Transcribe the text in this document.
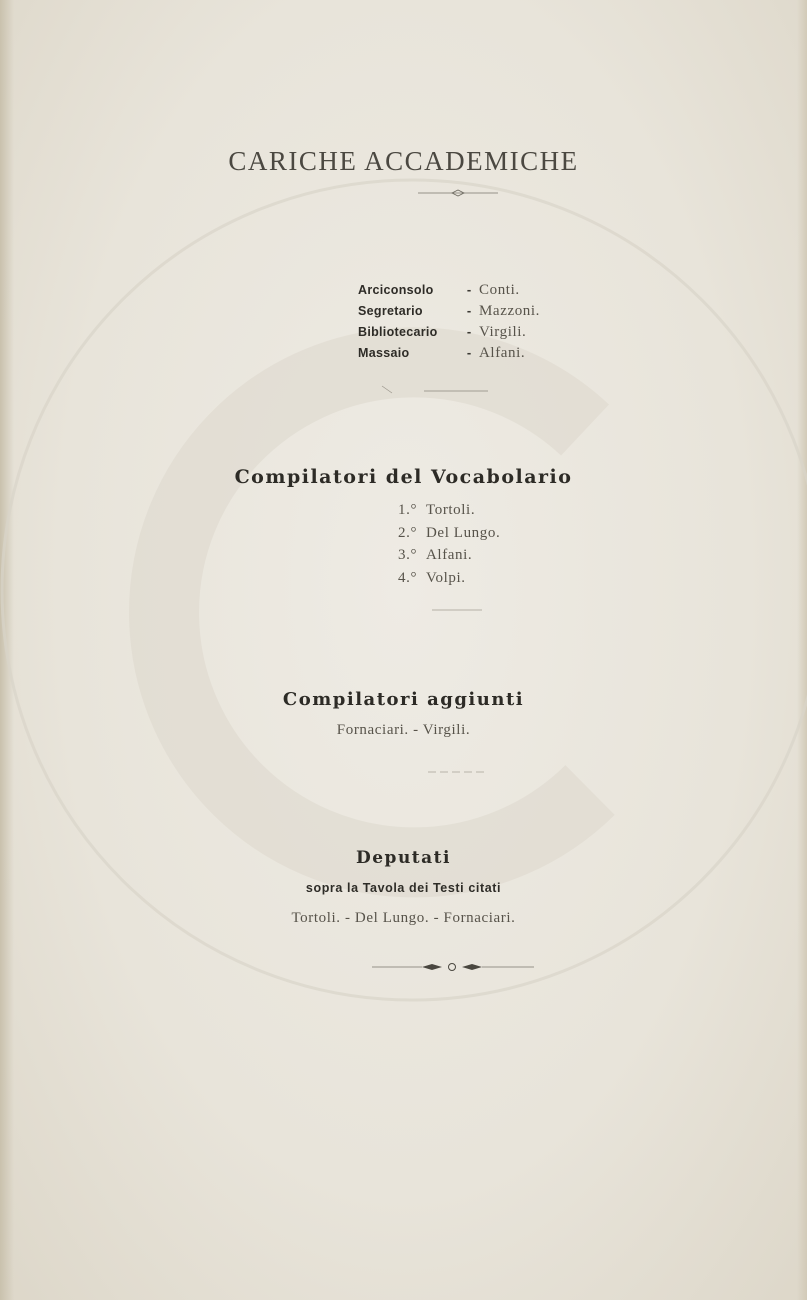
CARICHE ACCADEMICHE
Arciconsolo	- Conti.
Segretario	- Mazzoni.
Bibliotecario - Virgili.
Massaio	- Alfani.
Compilatori del Vocabolario
1.° Tortoli.
2.° Del Lungo.
3.° Alfani.
4.° Volpi.
Compilatori aggiunti
Fornaciari. - Virgili.
Deputati
sopra la Tavola dei Testi citati
Tortoli. - Del Lungo. - Fornaciari.
